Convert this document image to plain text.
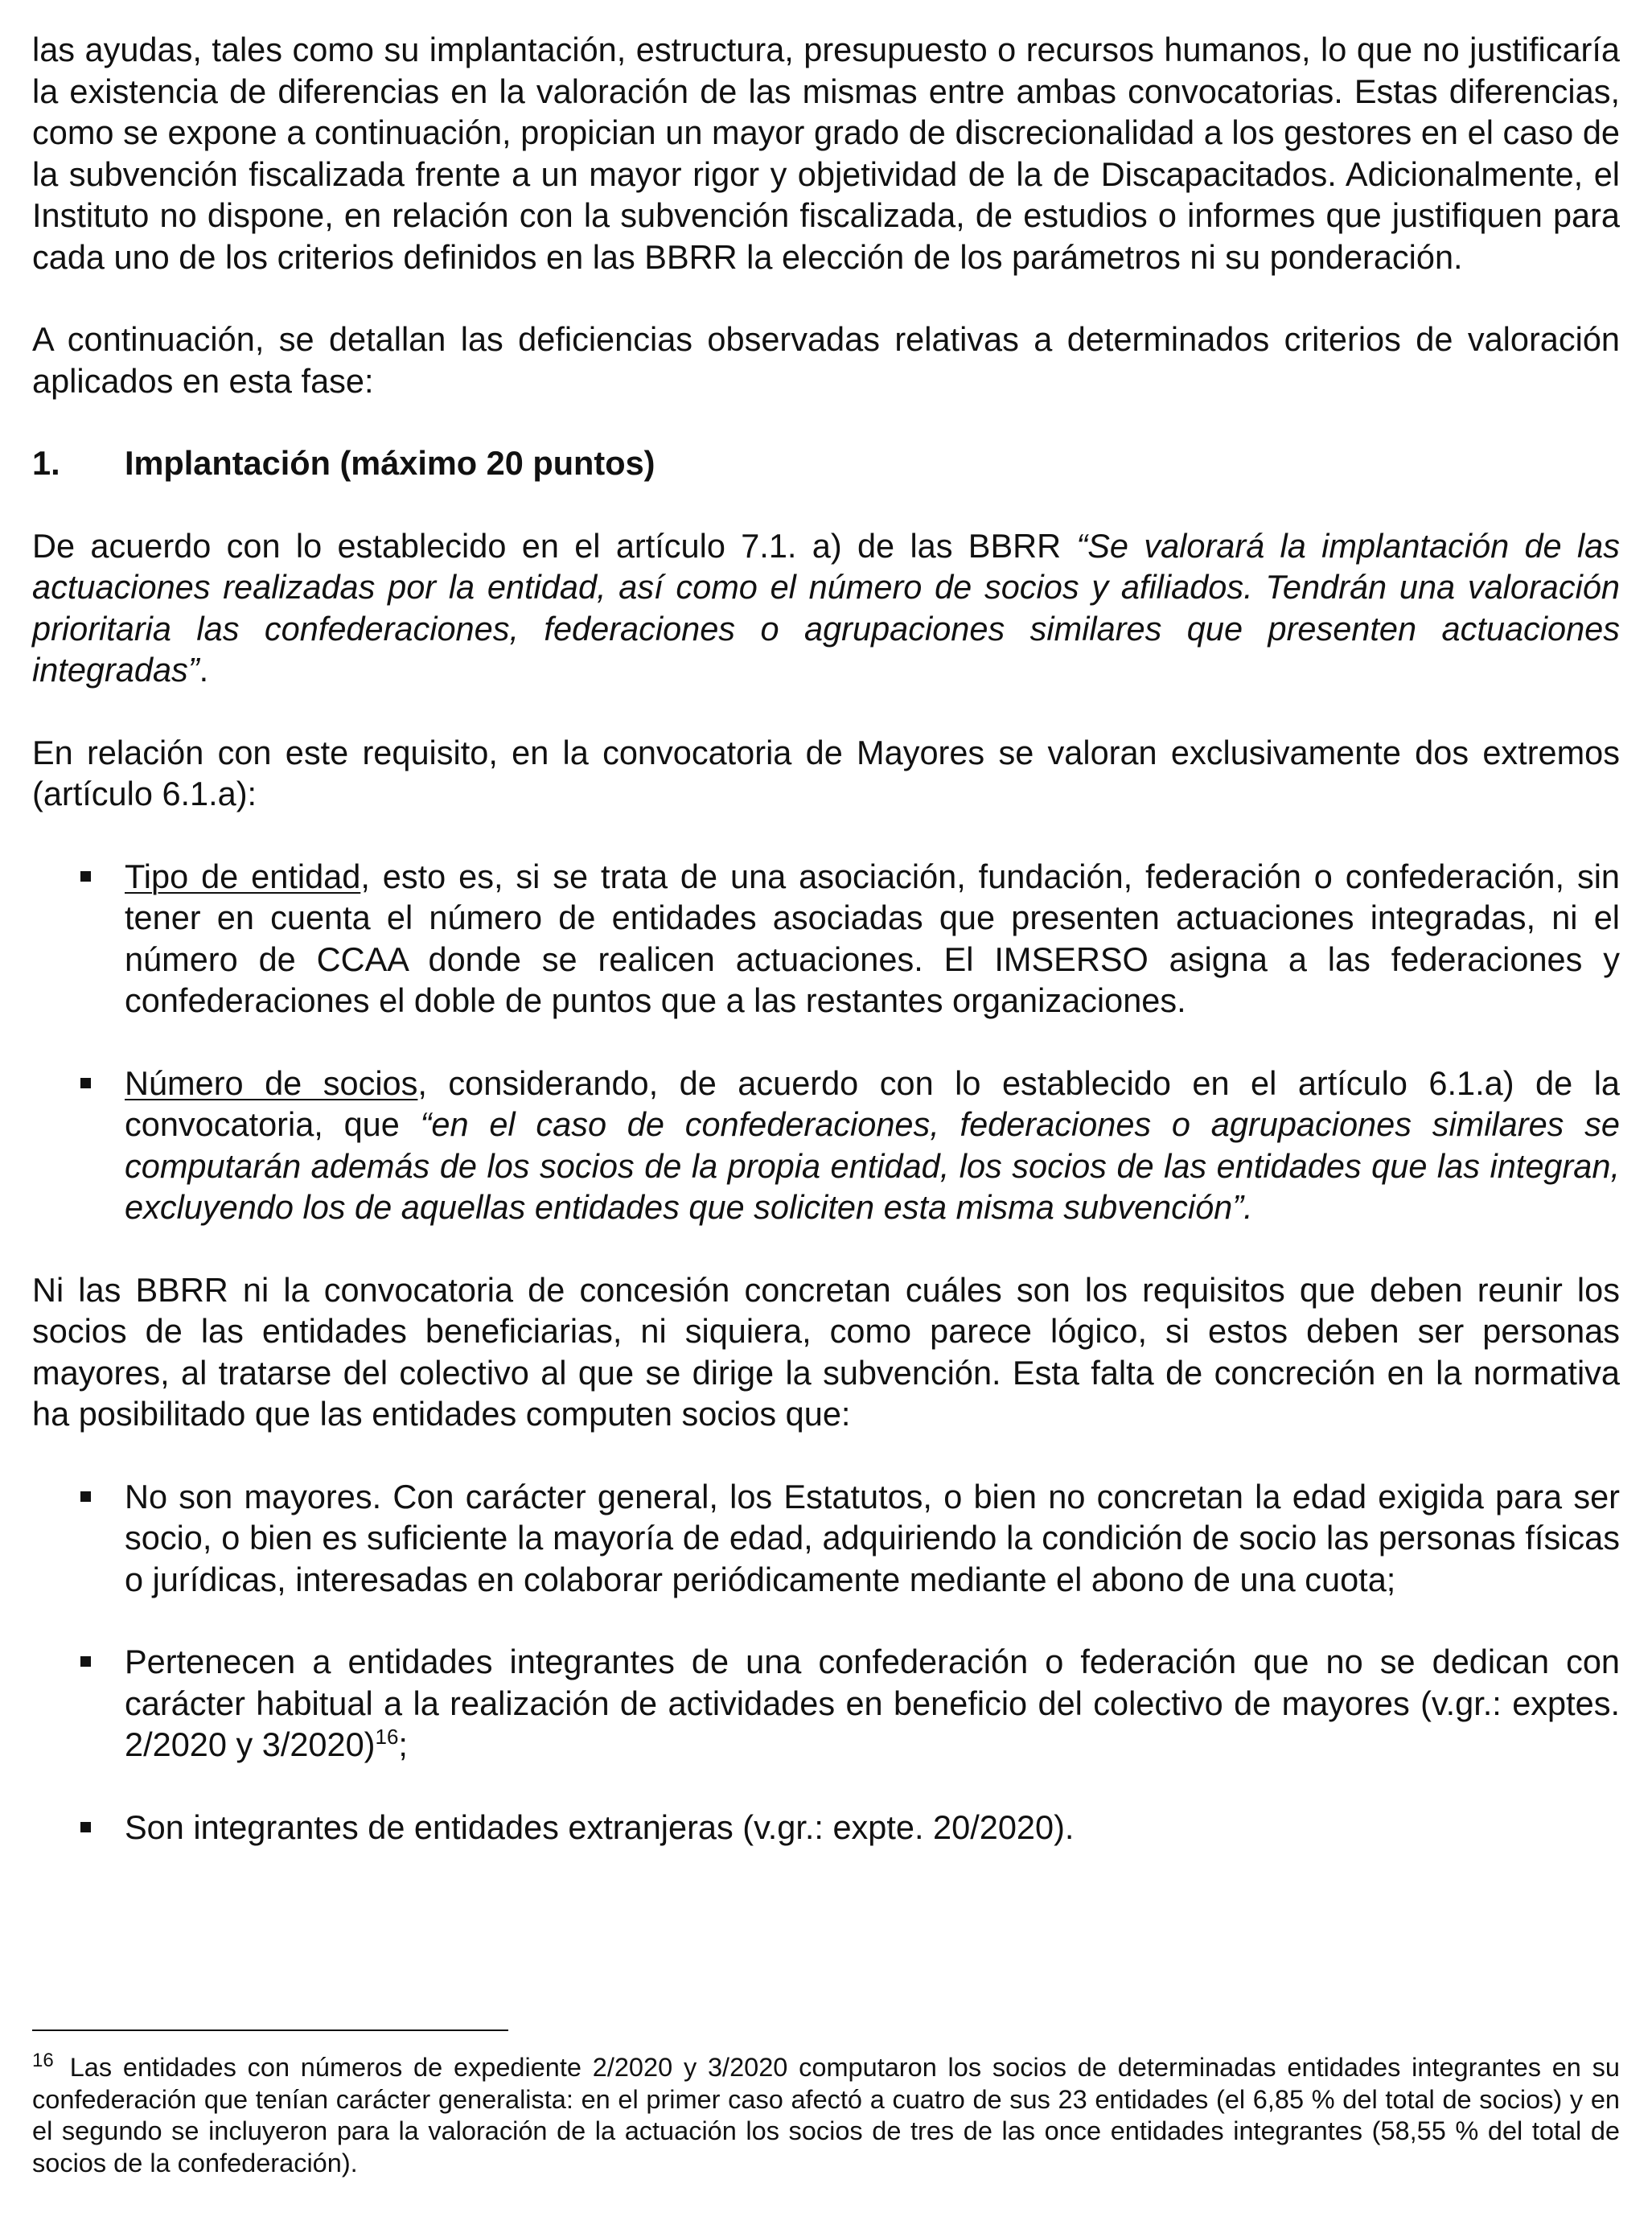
las ayudas, tales como su implantación, estructura, presupuesto o recursos humanos, lo que no justificaría la existencia de diferencias en la valoración de las mismas entre ambas convocatorias. Estas diferencias, como se expone a continuación, propician un mayor grado de discrecionalidad a los gestores en el caso de la subvención fiscalizada frente a un mayor rigor y objetividad de la de Discapacitados. Adicionalmente, el Instituto no dispone, en relación con la subvención fiscalizada, de estudios o informes que justifiquen para cada uno de los criterios definidos en las BBRR la elección de los parámetros ni su ponderación.

A continuación, se detallan las deficiencias observadas relativas a determinados criterios de valoración aplicados en esta fase:

1.	Implantación (máximo 20 puntos)

De acuerdo con lo establecido en el artículo 7.1. a) de las BBRR “Se valorará la implantación de las actuaciones realizadas por la entidad, así como el número de socios y afiliados. Tendrán una valoración prioritaria las confederaciones, federaciones o agrupaciones similares que presenten actuaciones integradas”.

En relación con este requisito, en la convocatoria de Mayores se valoran exclusivamente dos extremos (artículo 6.1.a):

Tipo de entidad, esto es, si se trata de una asociación, fundación, federación o confederación, sin tener en cuenta el número de entidades asociadas que presenten actuaciones integradas, ni el número de CCAA donde se realicen actuaciones. El IMSERSO asigna a las federaciones y confederaciones el doble de puntos que a las restantes organizaciones.
Número de socios, considerando, de acuerdo con lo establecido en el artículo 6.1.a) de la convocatoria, que “en el caso de confederaciones, federaciones o agrupaciones similares se computarán además de los socios de la propia entidad, los socios de las entidades que las integran, excluyendo los de aquellas entidades que soliciten esta misma subvención”.

Ni las BBRR ni la convocatoria de concesión concretan cuáles son los requisitos que deben reunir los socios de las entidades beneficiarias, ni siquiera, como parece lógico, si estos deben ser personas mayores, al tratarse del colectivo al que se dirige la subvención. Esta falta de concreción en la normativa ha posibilitado que las entidades computen socios que:

No son mayores. Con carácter general, los Estatutos, o bien no concretan la edad exigida para ser socio, o bien es suficiente la mayoría de edad, adquiriendo la condición de socio las personas físicas o jurídicas, interesadas en colaborar periódicamente mediante el abono de una cuota;
Pertenecen a entidades integrantes de una confederación o federación que no se dedican con carácter habitual a la realización de actividades en beneficio del colectivo de mayores (v.gr.: exptes. 2/2020 y 3/2020)$^{16}$;
Son integrantes de entidades extranjeras (v.gr.: expte. 20/2020).
$^{16}$ Las entidades con números de expediente 2/2020 y 3/2020 computaron los socios de determinadas entidades integrantes en su confederación que tenían carácter generalista: en el primer caso afectó a cuatro de sus 23 entidades (el 6,85 % del total de socios) y en el segundo se incluyeron para la valoración de la actuación los socios de tres de las once entidades integrantes (58,55 % del total de socios de la confederación).
